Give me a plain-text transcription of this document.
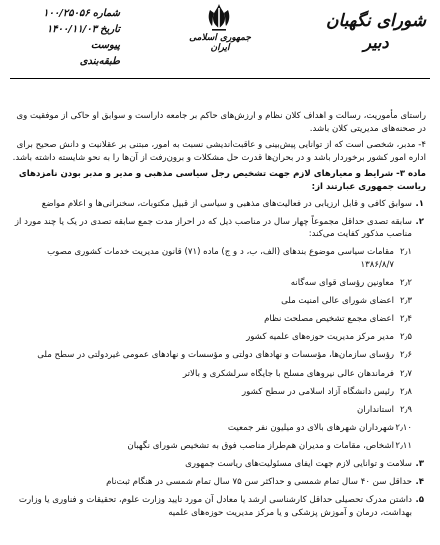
شماره
۱۰۰/۲۵۰۵۶
تاریخ
۱۴۰۰/۱۱/۰۳
پیوست
طبقه‌بندی
جمهوری اسلامی ایران
شورای نگهبان
دبیر

راستای مأموریت، رسالت و اهداف کلان نظام و ارزش‌های حاکم بر جامعه دارا‌ست و سوابق او حاکی از موفقیت وی در صحنه‌های مدیریتی کلان باشد.

۴- مدبر، شخصی است که از توانایی پیش‌بینی و عاقبت‌اندیشی نسبت به امور، مبتنی بر عقلانیت و دانش صحیح برای اداره امور کشور برخوردار باشد و در بحران‌ها قدرت حل مشکلات و برون‌رفت از آن‌ها را به نحو شایسته داشته باشد.

ماده ۳- شرایط و معیارهای لازم جهت تشخیص رجل سیاسی مذهبی و مدیر و مدبر بودن نامزدهای ریاست جمهوری عبارتند از:

۱.
سوابق کافی و قابل ارزیابی در فعالیت‌های مذهبی و سیاسی از قبیل مکتوبات، سخنرانی‌ها و اعلام مواضع
۲.
سابقه تصدی حداقل مجموعاً چهار سال در مناصب ذیل که در احراز مدت جمع سابقه تصدی در یک یا چند مورد از مناصب مذکور کفایت می‌کند:
۲٫۱
مقامات سیاسی موضوع بندهای (الف، ب، د و ج) ماده (۷۱) قانون مدیریت خدمات کشوری مصوب ۱۳۸۶/۸/۷
۲٫۲
معاونین رؤسای قوای سه‌گانه
۲٫۳
اعضای شورای عالی امنیت ملی
۲٫۴
اعضای مجمع تشخیص مصلحت نظام
۲٫۵
مدیر مرکز مدیریت حوزه‌های علمیه کشور
۲٫۶
رؤسای سازمان‌ها، مؤسسات و نهادهای دولتی و مؤسسات و نهادهای عمومی غیردولتی در سطح ملی
۲٫۷
فرماندهان عالی نیروهای مسلح با جایگاه سرلشکری و بالاتر
۲٫۸
رئیس دانشگاه آزاد اسلامی در سطح کشور
۲٫۹
استانداران
۲٫۱۰
شهرداران شهرهای بالای دو میلیون نفر جمعیت
۲٫۱۱
اشخاص، مقامات و مدیران هم‌طراز مناصب فوق به تشخیص شورای نگهبان
۳.
سلامت و توانایی لازم جهت ایفای مسئولیت‌های ریاست جمهوری
۴.
حداقل سن ۴۰ سال تمام شمسی و حداکثر سن ۷۵ سال تمام شمسی در هنگام ثبت‌نام
۵.
داشتن مدرک تحصیلی حداقل کارشناسی ارشد یا معادل آن مورد تایید وزارت علوم، تحقیقات و فناوری یا وزارت بهداشت، درمان و آموزش پزشکی و یا مرکز مدیریت حوزه‌های علمیه
